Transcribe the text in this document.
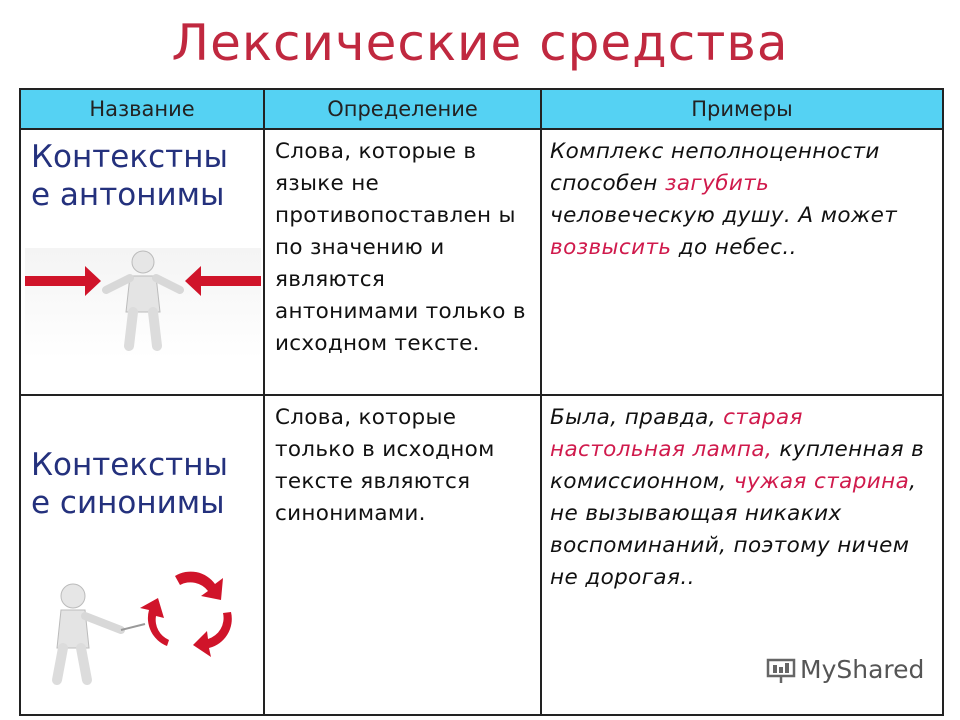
Лексические средства
Название	Определение	Примеры

Контекстны е антонимы	Слова, которые в языке не противопоставлен ы по значению и являются антонимами только в исходном тексте.	Комплекс неполноценности способен загубить человеческую душу. А может возвысить до небес..

Контекстны е синонимы	Слова, которые только в исходном тексте являются синонимами.	Была, правда, старая настольная лампа, купленная в комиссионном, чужая старина, не вызывающая никаких воспоминаний, поэтому ничем не дорогая..
MyShared
